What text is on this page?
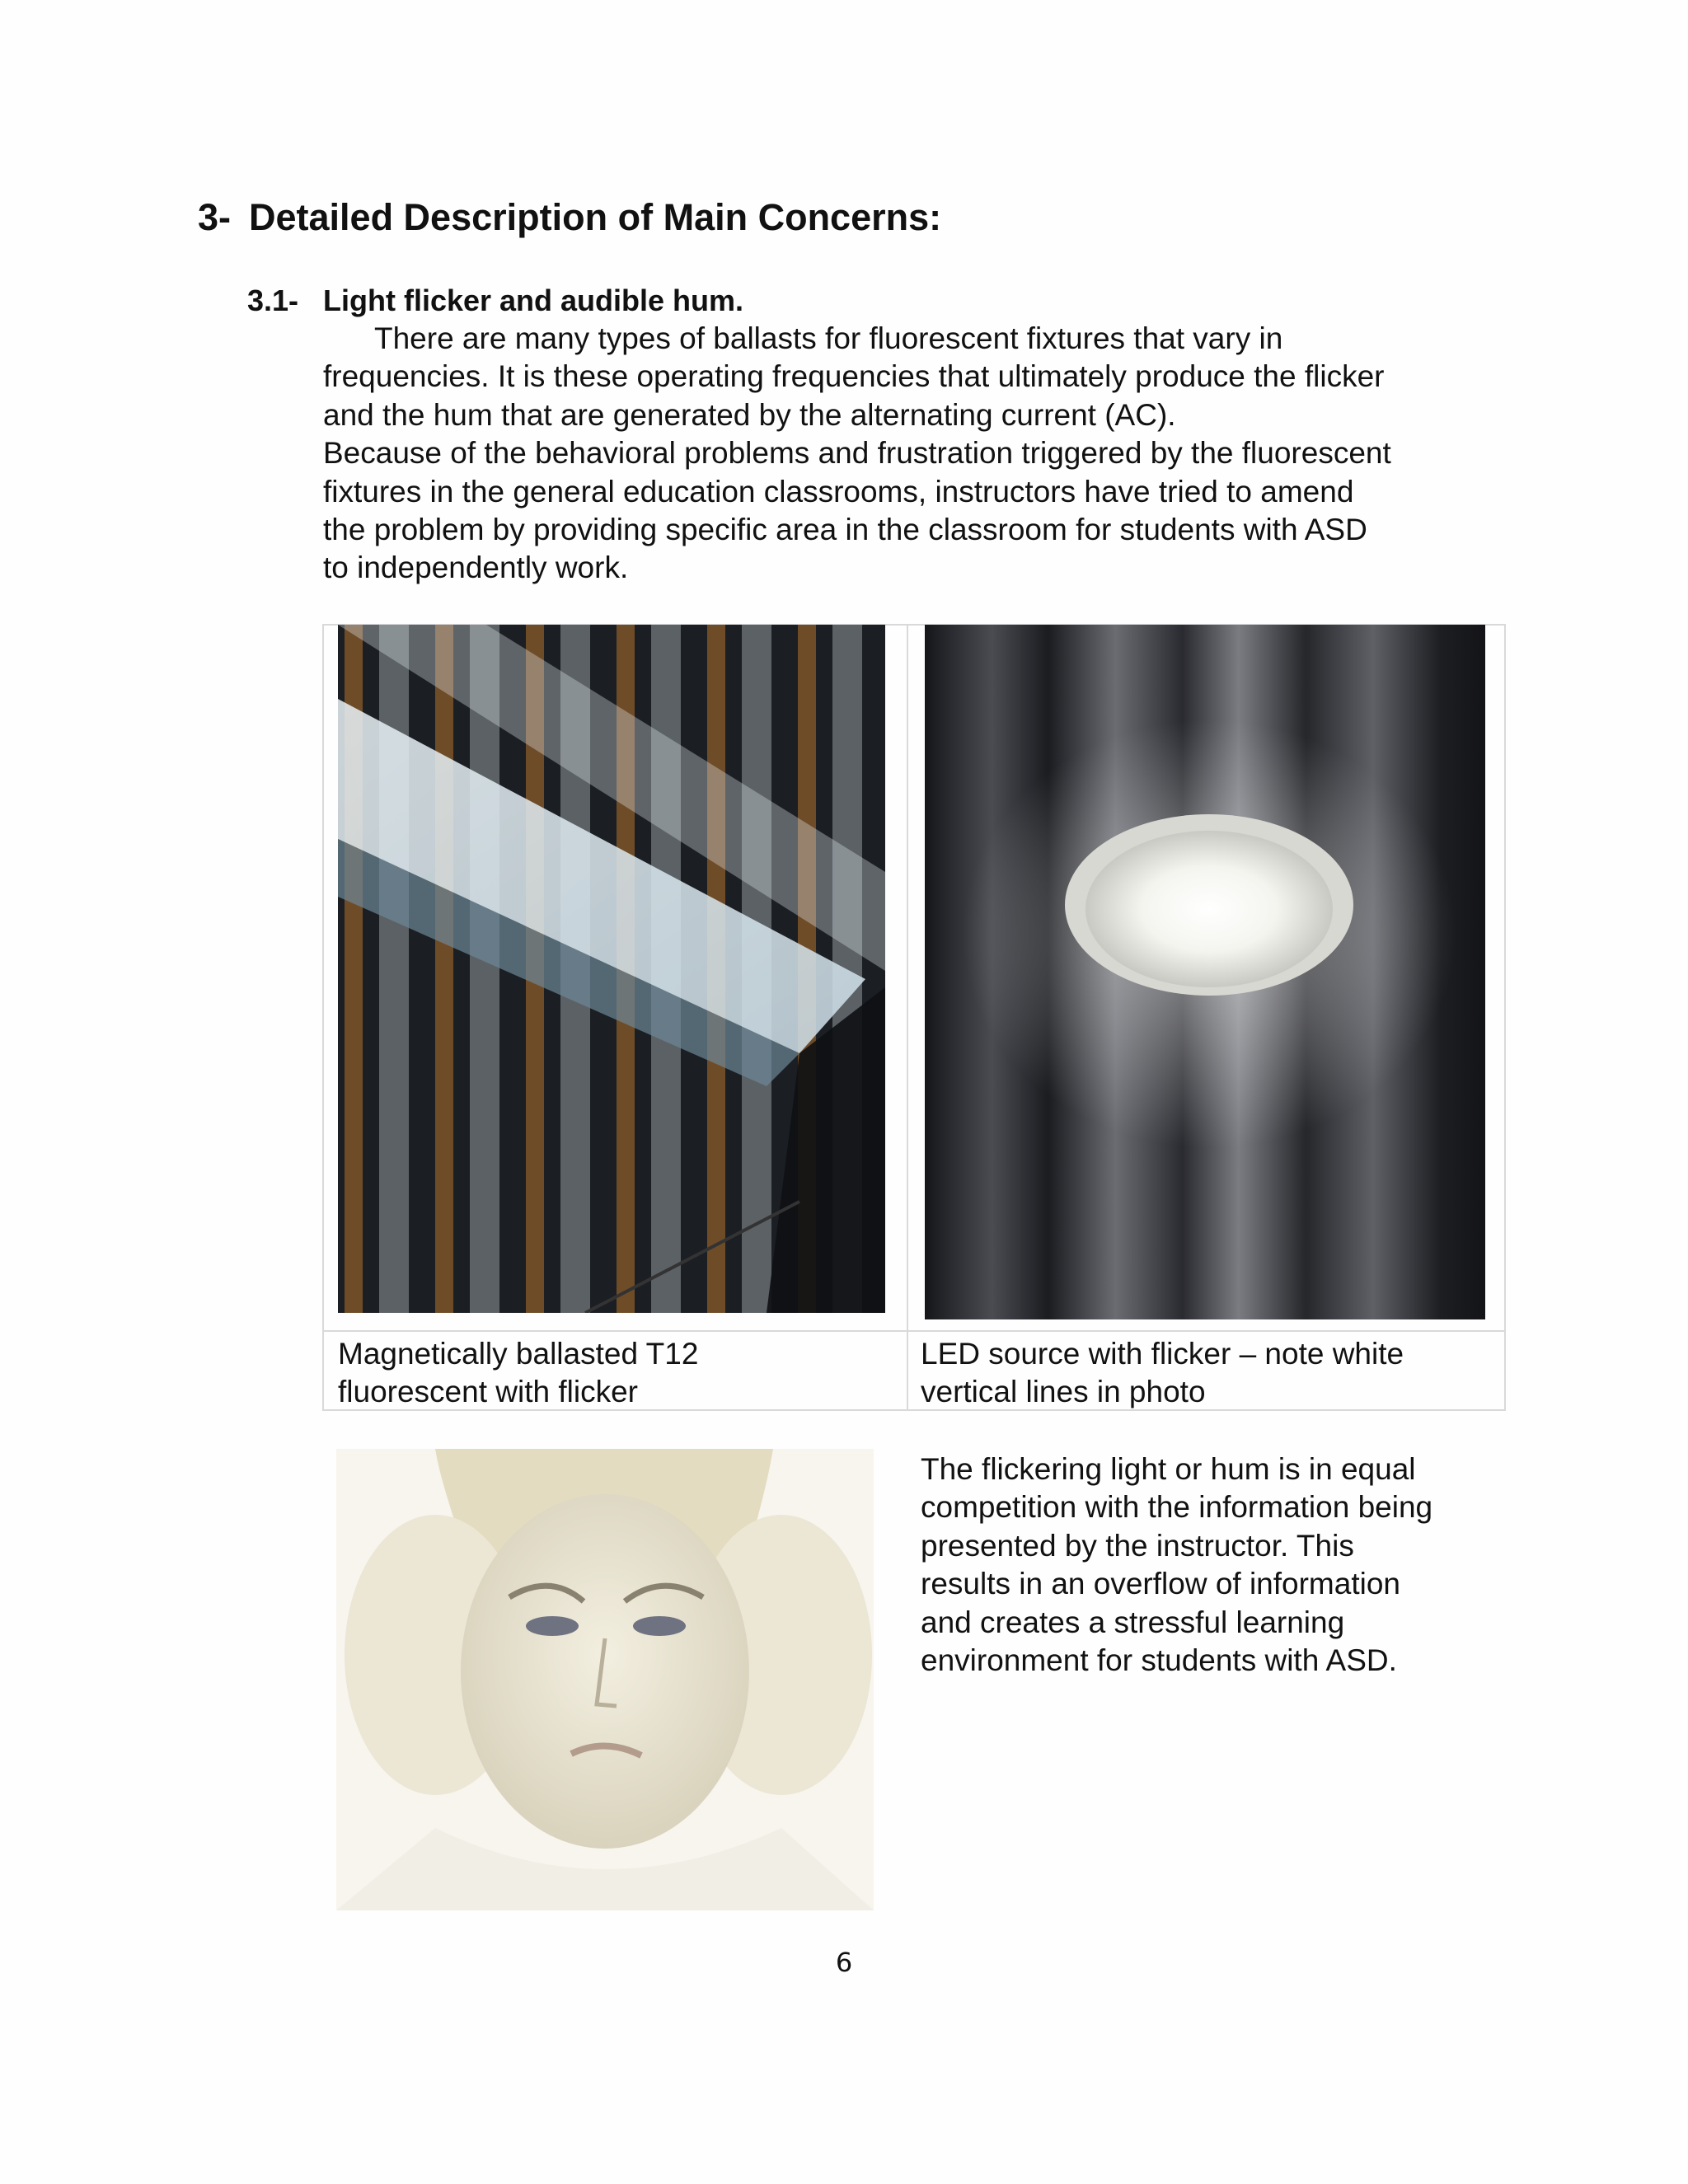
3- Detailed Description of Main Concerns:
3.1- Light flicker and audible hum.
There are many types of ballasts for fluorescent fixtures that vary in
frequencies. It is these operating frequencies that ultimately produce the flicker
and the hum that are generated by the alternating current (AC).
Because of the behavioral problems and frustration triggered by the fluorescent
fixtures in the general education classrooms, instructors have tried to amend
the problem by providing specific area in the classroom for students with ASD
to independently work.
Magnetically ballasted T12
fluorescent with flicker
LED source with flicker – note white
vertical lines in photo
The flickering light or hum is in equal
competition with the information being
presented by the instructor. This
results in an overflow of information
and creates a stressful learning
environment for students with ASD.
6
